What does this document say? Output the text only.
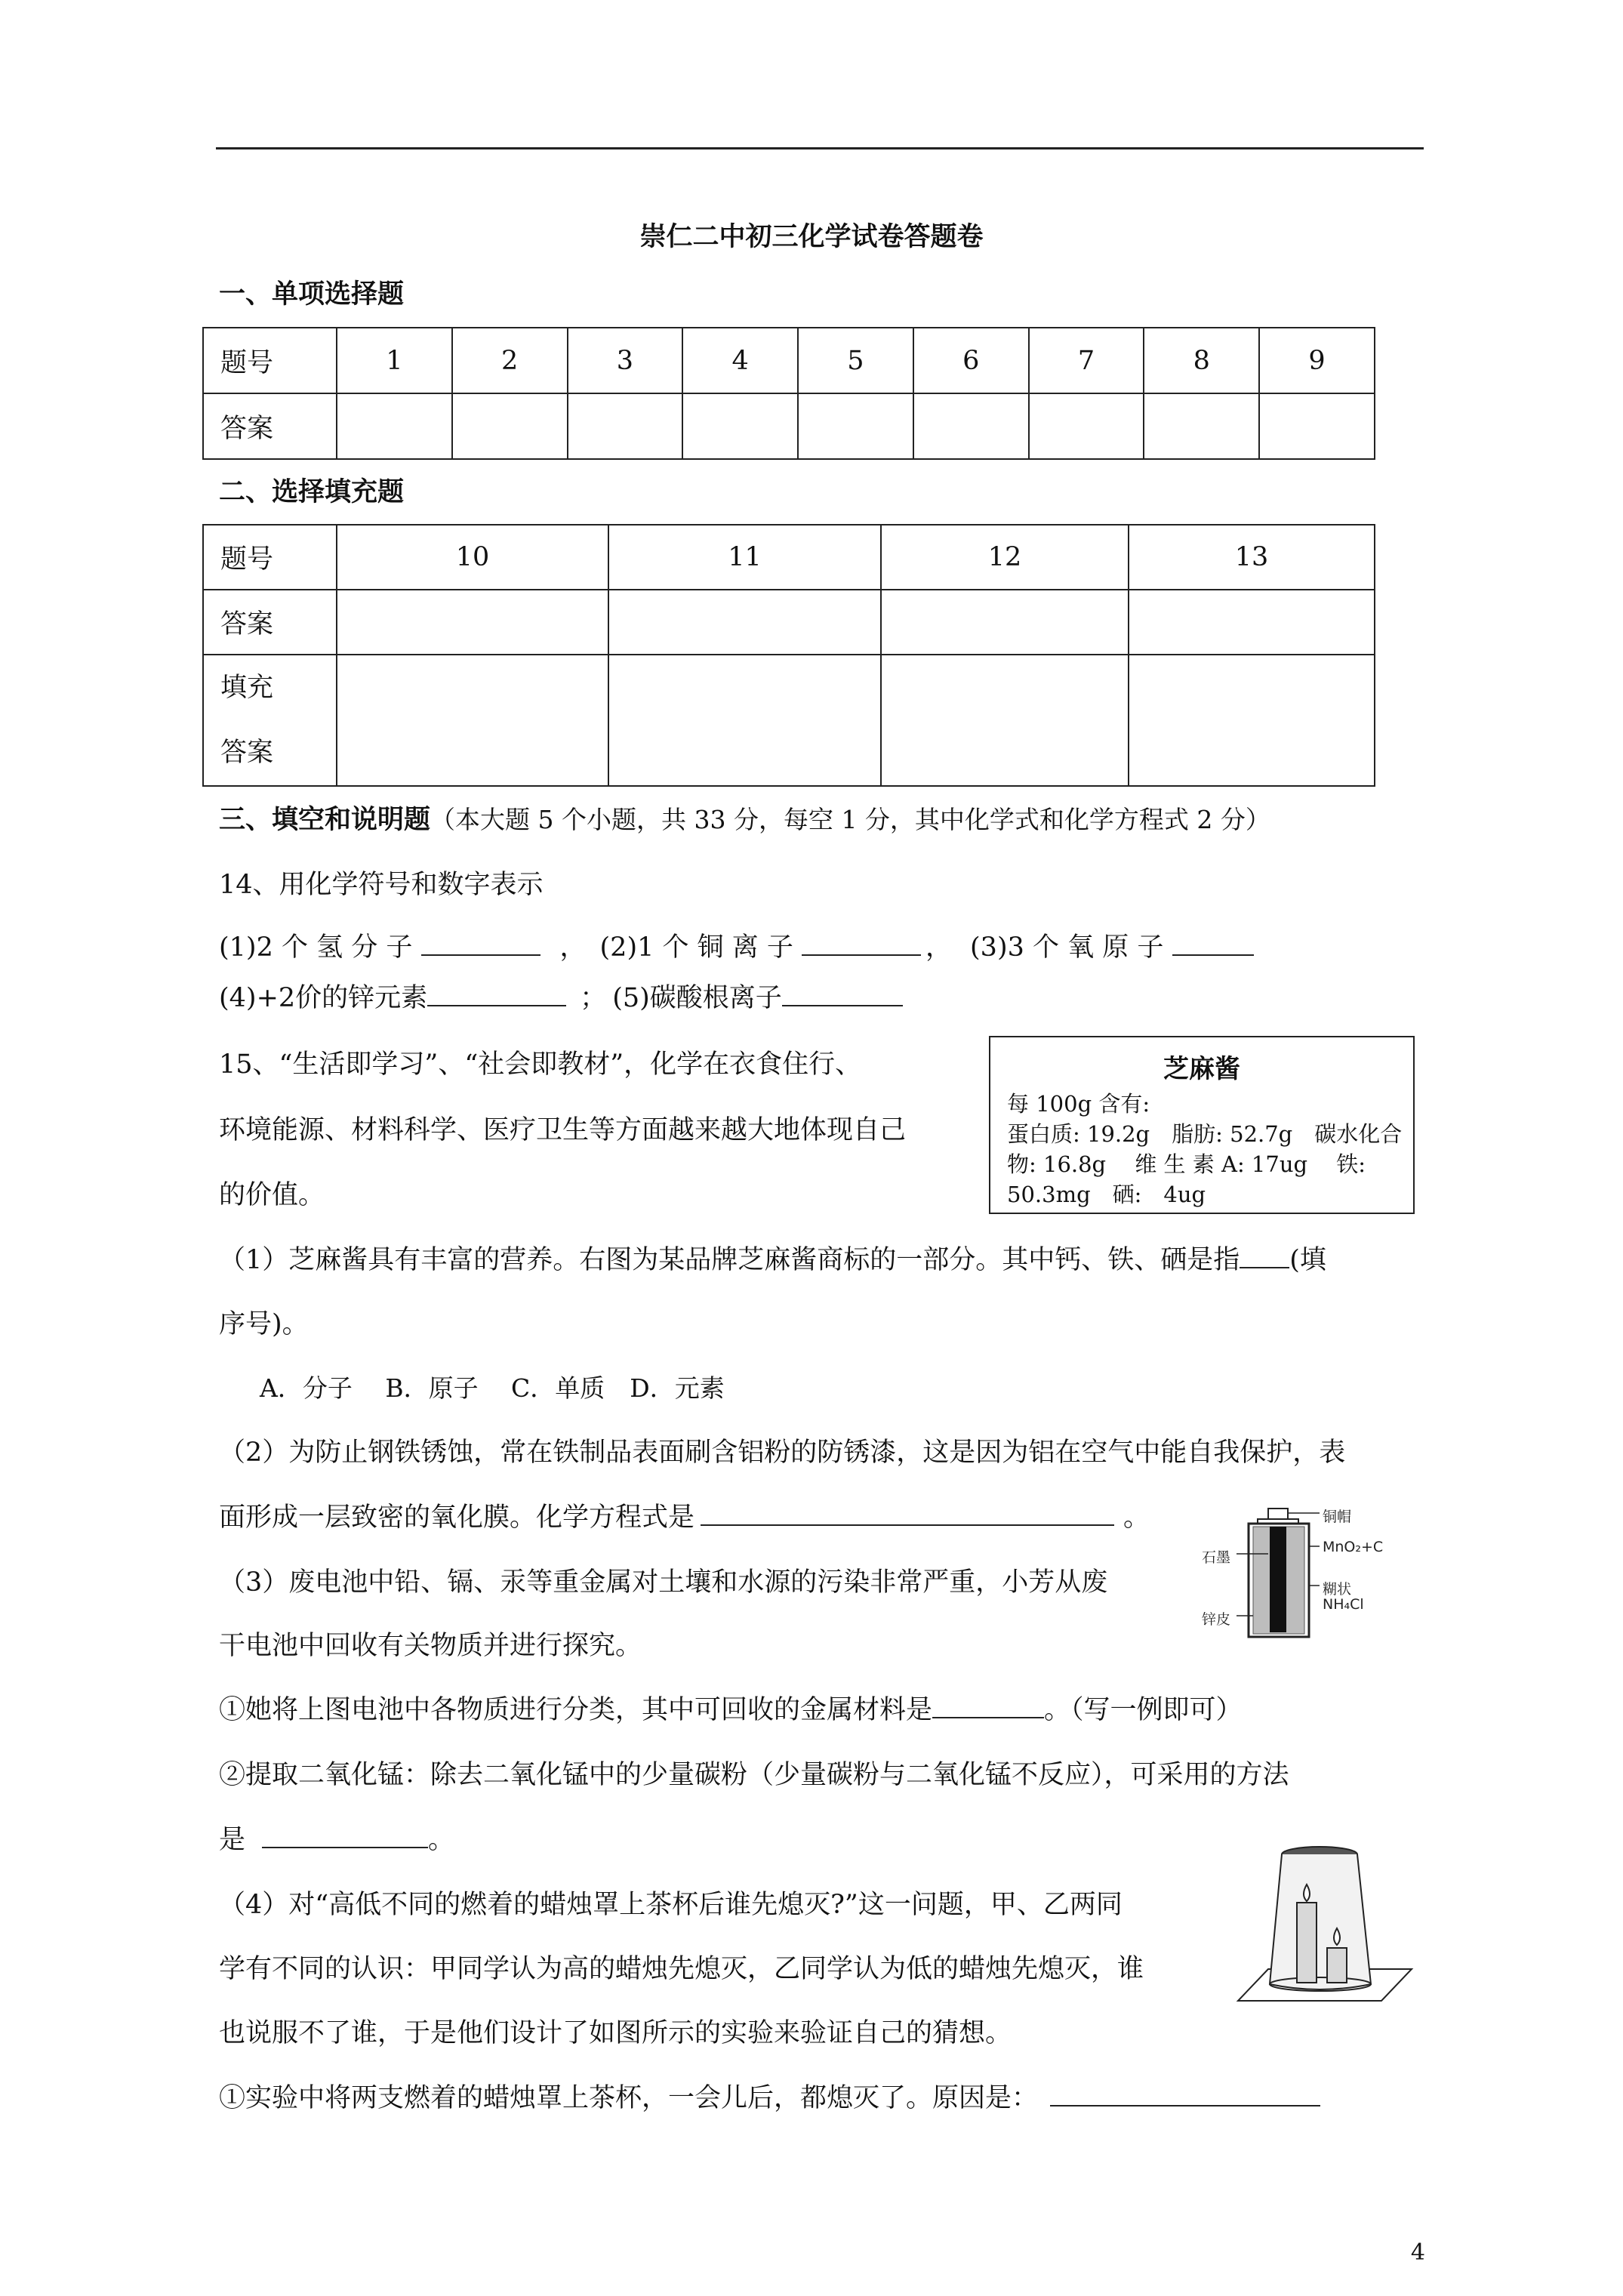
崇仁二中初三化学试卷答题卷
一、单项选择题
题号	1	2	3	4	5	6	7	8	9
答案									
二、选择填充题
题号	10	11	12	13
答案				

填充
答案				

三、填空和说明题（本大题 5 个小题，共 33 分，每空 1 分，其中化学式和化学方程式 2 分）
14、用化学符号和数字表示
(1)2 个 氢 分 子	， (2)1 个 铜 离 子	， (3)3 个 氧 原 子
(4)+2价的锌元素	； (5)碳酸根离子
15、“生活即学习”、“社会即教材”，化学在衣食住行、
环境能源、材料科学、医疗卫生等方面越来越大地体现自己
的价值。
芝麻酱
每 100g 含有:
蛋白质: 19.2g　脂肪: 52.7g　碳水化合
物: 16.8g　 维 生 素 A: 17ug　 铁:
50.3mg　硒:　4ug
（1）芝麻酱具有丰富的营养。右图为某品牌芝麻酱商标的一部分。其中钙、铁、硒是指 (填
序号)。
A．分子　 B．原子　 C．单质　D．元素
（2）为防止钢铁锈蚀，常在铁制品表面刷含铝粉的防锈漆，这是因为铝在空气中能自我保护，表
面形成一层致密的氧化膜。化学方程式是	。	铜帽
石墨
MnO₂+C
糊状
NH₄Cl
锌皮
（3）废电池中铅、镉、汞等重金属对土壤和水源的污染非常严重，小芳从废
干电池中回收有关物质并进行探究。
①她将上图电池中各物质进行分类，其中可回收的金属材料是	。（写一例即可）
②提取二氧化锰：除去二氧化锰中的少量碳粉（少量碳粉与二氧化锰不反应），可采用的方法
是	。
（4）对“高低不同的燃着的蜡烛罩上茶杯后谁先熄灭?”这一问题，甲、乙两同
学有不同的认识：甲同学认为高的蜡烛先熄灭，乙同学认为低的蜡烛先熄灭，谁
也说服不了谁，于是他们设计了如图所示的实验来验证自己的猜想。
①实验中将两支燃着的蜡烛罩上茶杯，一会儿后，都熄灭了。原因是：
4
